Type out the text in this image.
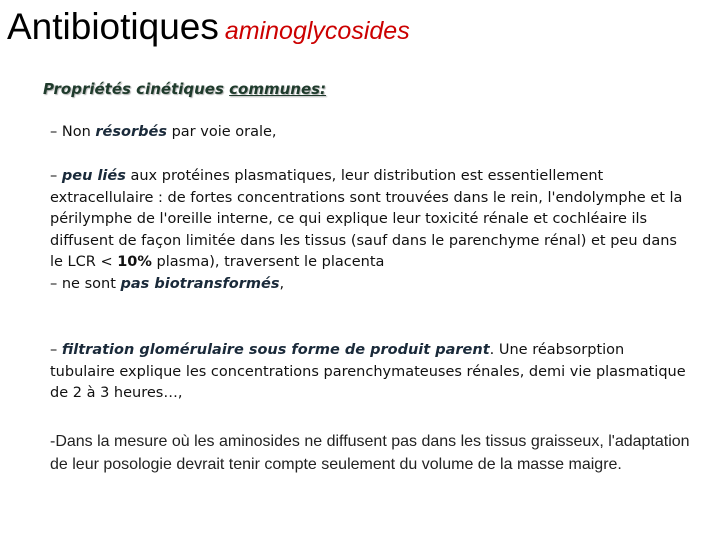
Antibiotiques aminoglycosides
Propriétés cinétiques communes:
– Non résorbés par voie orale,
– peu liés aux protéines plasmatiques, leur distribution est essentiellement extracellulaire : de fortes concentrations sont trouvées dans le rein, l'endolymphe et la périlymphe de l'oreille interne, ce qui explique leur toxicité rénale et cochléaire ils diffusent de façon limitée dans les tissus (sauf dans le parenchyme rénal) et peu dans le LCR < 10% plasma), traversent le placenta
– ne sont pas biotransformés,
– filtration glomérulaire sous forme de produit parent. Une réabsorption tubulaire explique les concentrations parenchymateuses rénales, demi vie plasmatique de 2 à 3 heures…,
-Dans la mesure où les aminosides ne diffusent pas dans les tissus graisseux, l'adaptation de leur posologie devrait tenir compte seulement du volume de la masse maigre.
